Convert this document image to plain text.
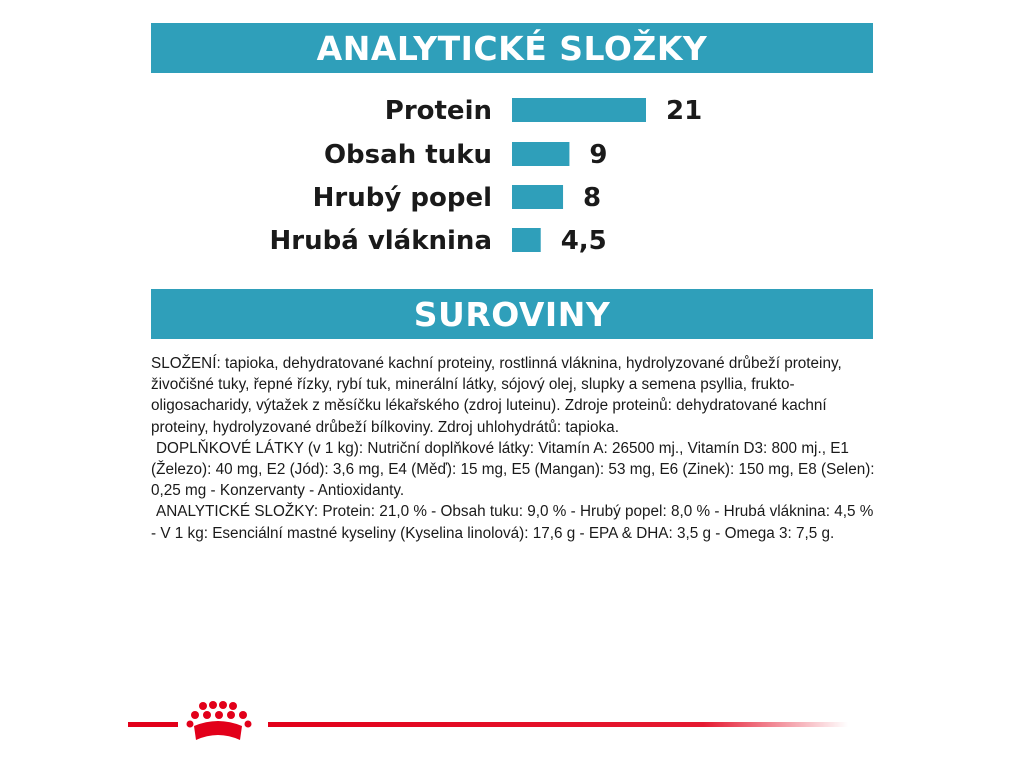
ANALYTICKÉ SLOŽKY
Protein	21
Obsah tuku	9
Hrubý popel	8
Hrubá vláknina	4,5
SUROVINY

SLOŽENÍ: tapioka, dehydratované kachní proteiny, rostlinná vláknina, hydrolyzované drůbeží proteiny, živočišné tuky, řepné řízky, rybí tuk, minerální látky, sójový olej, slupky a semena psyllia, frukto-oligosacharidy, výtažek z měsíčku lékařského (zdroj luteinu). Zdroje proteinů: dehydratované kachní proteiny, hydrolyzované drůbeží bílkoviny. Zdroj uhlohydrátů: tapioka.

DOPLŇKOVÉ LÁTKY (v 1 kg): Nutriční doplňkové látky: Vitamín A: 26500 mj., Vitamín D3: 800 mj., E1 (Železo): 40 mg, E2 (Jód): 3,6 mg, E4 (Měď): 15 mg, E5 (Mangan): 53 mg, E6 (Zinek): 150 mg, E8 (Selen): 0,25 mg - Konzervanty - Antioxidanty.

ANALYTICKÉ SLOŽKY: Protein: 21,0 % - Obsah tuku: 9,0 % - Hrubý popel: 8,0 % - Hrubá vláknina: 4,5 % - V 1 kg: Esenciální mastné kyseliny (Kyselina linolová): 17,6 g - EPA & DHA: 3,5 g - Omega 3: 7,5 g.
